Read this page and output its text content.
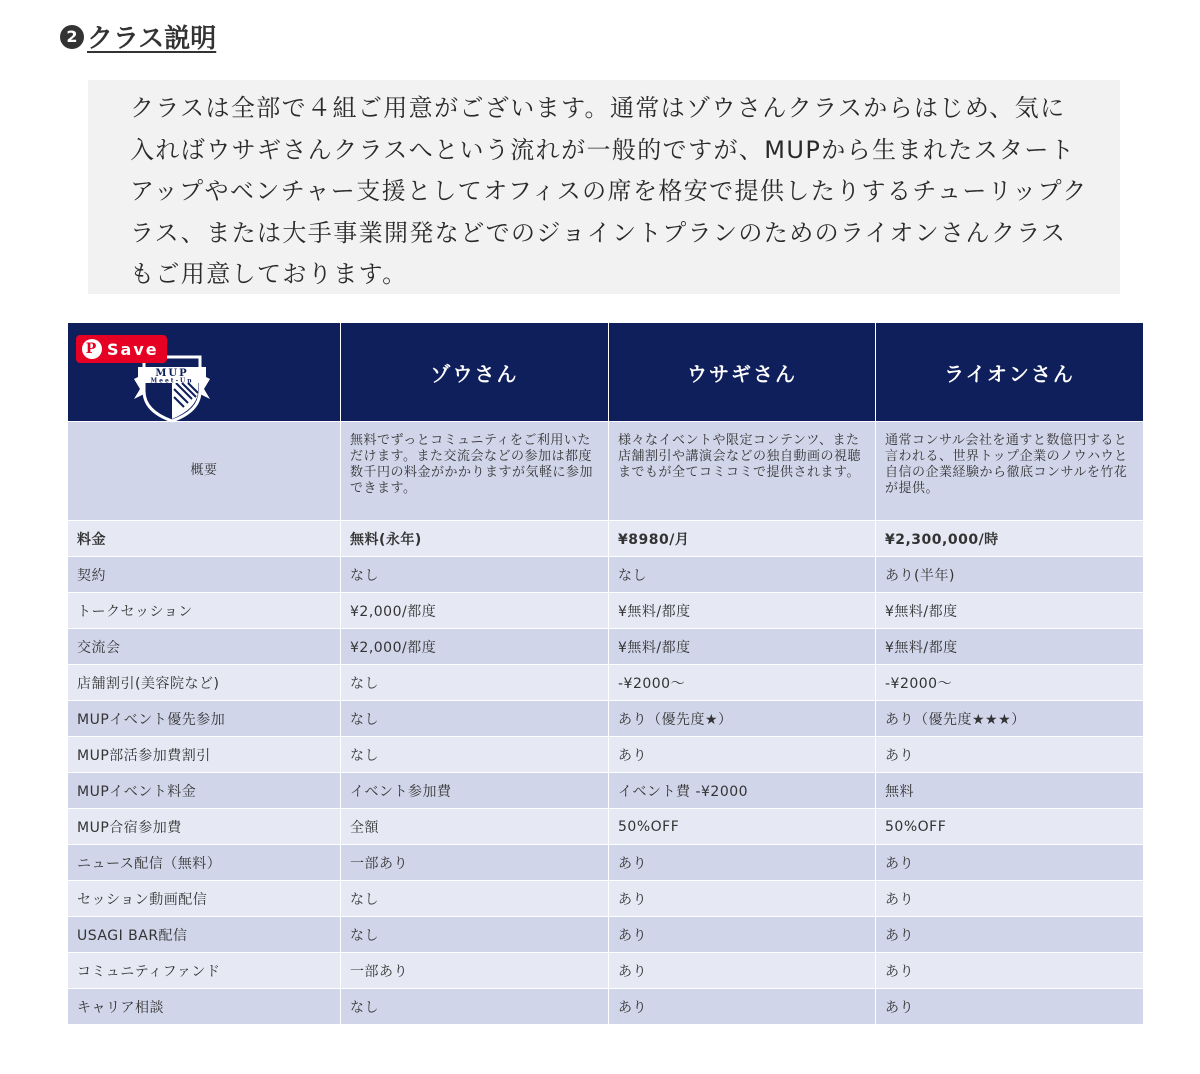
2 クラス説明

クラスは全部で４組ご用意がございます。通常はゾウさんクラスからはじめ、気に入ればウサギさんクラスへという流れが一般的ですが、MUPから生まれたスタートアップやベンチャー支援としてオフィスの席を格安で提供したりするチューリップクラス、または大手事業開発などでのジョイントプランのためのライオンさんクラスもご用意しております。

P Save
MUP
Meet-Up	ゾウさん	ウサギさん	ライオンさん
概要	無料でずっとコミュニティをご利用いただけます。また交流会などの参加は都度数千円の料金がかかりますが気軽に参加できます。	様々なイベントや限定コンテンツ、また店舗割引や講演会などの独自動画の視聴までもが全てコミコミで提供されます。	通常コンサル会社を通すと数億円すると言われる、世界トップ企業のノウハウと自信の企業経験から徹底コンサルを竹花が提供。
料金	無料(永年)	¥8980/月	¥2,300,000/時
契約	なし	なし	あり(半年)
トークセッション	¥2,000/都度	¥無料/都度	¥無料/都度
交流会	¥2,000/都度	¥無料/都度	¥無料/都度
店舗割引(美容院など)	なし	-¥2000〜	-¥2000〜
MUPイベント優先参加	なし	あり（優先度★）	あり（優先度★★★）
MUP部活参加費割引	なし	あり	あり
MUPイベント料金	イベント参加費	イベント費 -¥2000	無料
MUP合宿参加費	全額	50%OFF	50%OFF
ニュース配信（無料）	一部あり	あり	あり
セッション動画配信	なし	あり	あり
USAGI BAR配信	なし	あり	あり
コミュニティファンド	一部あり	あり	あり
キャリア相談	なし	あり	あり
